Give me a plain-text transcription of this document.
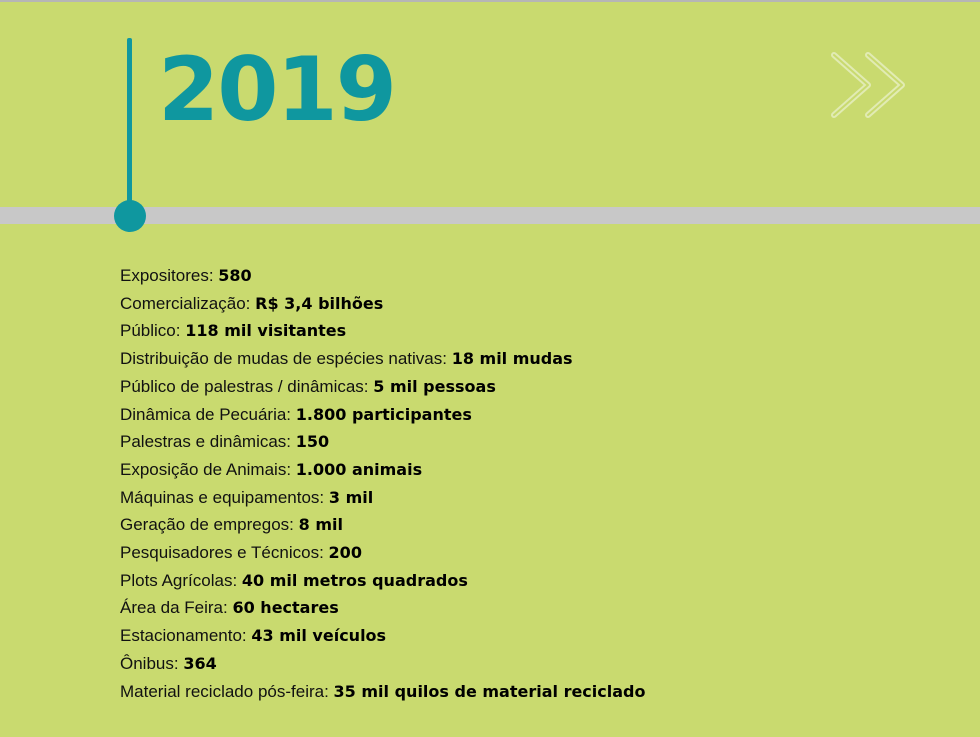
2019
Expositores: 580
Comercialização: R$ 3,4 bilhões
Público: 118 mil visitantes
Distribuição de mudas de espécies nativas: 18 mil mudas
Público de palestras / dinâmicas: 5 mil pessoas
Dinâmica de Pecuária: 1.800 participantes
Palestras e dinâmicas: 150
Exposição de Animais: 1.000 animais
Máquinas e equipamentos: 3 mil
Geração de empregos: 8 mil
Pesquisadores e Técnicos: 200
Plots Agrícolas: 40 mil metros quadrados
Área da Feira: 60 hectares
Estacionamento: 43 mil veículos
Ônibus: 364
Material reciclado pós-feira: 35 mil quilos de material reciclado
